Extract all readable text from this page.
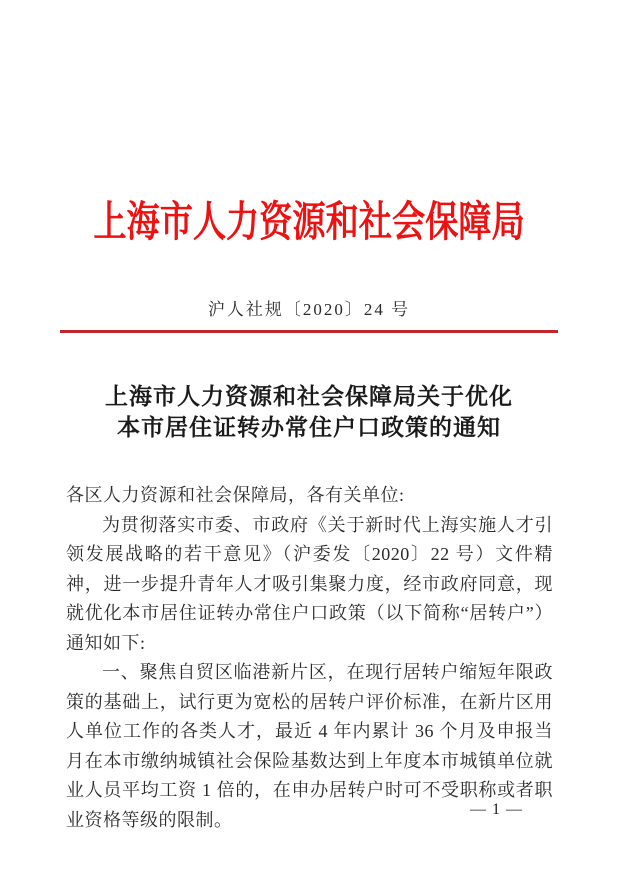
上海市人力资源和社会保障局
沪人社规〔2020〕24 号
上海市人力资源和社会保障局关于优化
本市居住证转办常住户口政策的通知

各区人力资源和社会保障局，各有关单位:

为贯彻落实市委、市政府《关于新时代上海实施人才引领发展战略的若干意见》（沪委发〔2020〕22 号）文件精神，进一步提升青年人才吸引集聚力度，经市政府同意，现就优化本市居住证转办常住户口政策（以下简称“居转户”）通知如下:

一、聚焦自贸区临港新片区，在现行居转户缩短年限政策的基础上，试行更为宽松的居转户评价标准，在新片区用人单位工作的各类人才，最近 4 年内累计 36 个月及申报当月在本市缴纳城镇社会保险基数达到上年度本市城镇单位就业人员平均工资 1 倍的，在申办居转户时可不受职称或者职业资格等级的限制。	— 1 —
